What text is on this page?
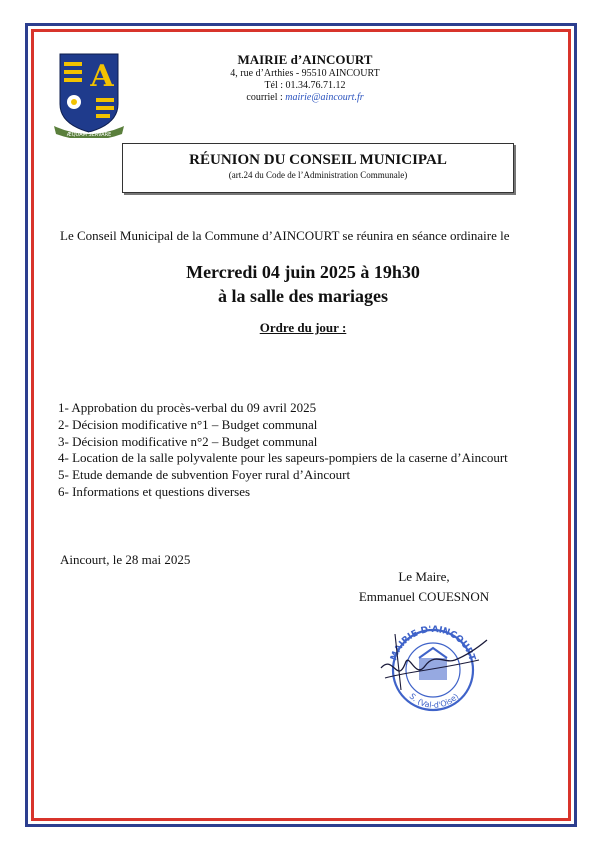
A
ÆQUAM SERVARE
MAIRIE d’AINCOURT
4, rue d’Arthies - 95510 AINCOURT
Tél : 01.34.76.71.12
courriel : mairie@aincourt.fr
RÉUNION DU CONSEIL MUNICIPAL
(art.24 du Code de l’Administration Communale)
Le Conseil Municipal de la Commune d’AINCOURT se réunira en séance ordinaire le
Mercredi 04 juin 2025 à 19h30
à la salle des mariages
Ordre du jour :
1- Approbation du procès-verbal du 09 avril 2025
2- Décision modificative n°1 – Budget communal
3- Décision modificative n°2 – Budget communal
4- Location de la salle polyvalente pour les sapeurs-pompiers de la caserne d’Aincourt
5- Etude demande de subvention Foyer rural d’Aincourt
6- Informations et questions diverses
Aincourt, le 28 mai 2025
Le Maire,
Emmanuel COUESNON
MAIRIE D'AINCOURT
S. (Val-d'Oise)
